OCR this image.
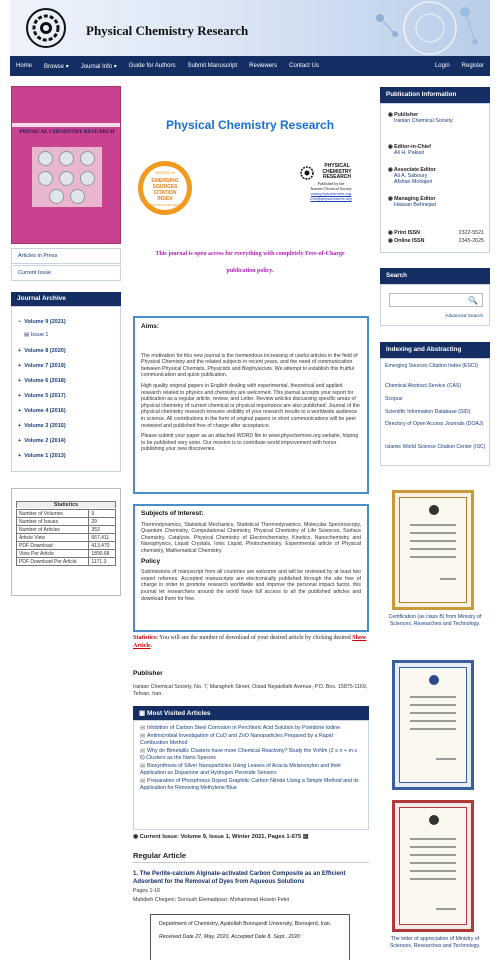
Physical Chemistry Research
Home	Browse ▾	Journal Info ▾	Guide for Authors	Submit Manuscript	Reviewers	Contact Us	Login	Register
PHYSICAL CHEMISTRY RESEARCH
Articles in Press
Current Issue
Journal Archive
− Volume 9 (2021)
▤ Issue 1
+ Volume 8 (2020)
+ Volume 7 (2019)
+ Volume 6 (2018)
+ Volume 5 (2017)
+ Volume 4 (2016)
+ Volume 3 (2015)
+ Volume 2 (2014)
+ Volume 1 (2013)
Statistics
Number of Volumes	9
Number of Issues	29
Number of Articles	353
Article View	667,411
PDF Download	413,470
View Per Article	1890.68
PDF Download Per Article	1171.3
Physical Chemistry Research
INDEXED IN
EMERGING
SOURCES
CITATION
INDEX
THOMSON REUTERS
PHYSICAL
CHEMISTRY
RESEARCH
Published by the
Iranian Chemical Society
www.physchemres.org
info@physchemres.org
This journal is open access for everything with completely Free-of-Charge
publication policy.
Aims:

The motivation for this new journal is the tremendous increasing of useful articles in the field of Physical Chemistry and the related subjects in recent years, and the need of communication between Physical Chemists, Physicists and Biophysicists. We attempt to establish this fruitful communication and quick publication.

High quality original papers in English dealing with experimental, theoretical and applied research related to physics and chemistry are welcomed. This journal accepts your report for publication as a regular article, review, and Letter. Review articles discussing specific areas of physical chemistry of current chemical or physical importance are also published. Journal of the physical chemistry research ensures visibility of your research results to a worldwide audience in science. All contributions in the form of original papers or short communications will be peer reviewed and published free of charge after acceptance.

Please submit your paper as an attached WORD file to www.physchemres.org website, hoping to be published very soon. Our mission is to contribute world improvement with honor publishing your new discoveries.

Subjects of Interest:

Thermodynamics, Statistical Mechanics, Statistical Thermodynamics, Molecular Spectroscopy, Quantum Chemistry, Computational Chemistry, Physical Chemistry of Life Sciences, Surface Chemistry, Catalysis, Physical Chemistry of Electrochemistry, Kinetics, Nanochemistry and Nanophysics, Liquid Crystals, Ionic Liquid, Photochemistry, Experimental article of Physical chemistry, Mathematical Chemistry.

Policy

Submissions of manuscript from all countries are welcome and will be reviewed by at least two expert referees. Accepted manuscripts are electronically published through the site free of charge in order to promote research worldwide and improve the personal impact factor, this journal let researchers around the world have full access to all the published articles and download them for free.

Statistics: You will see the number of download of your desired article by clicking desired Show Article.
Publisher
Iranian Chemical Society, No. 7, Maragheh Street, Ostad Nejatollahi Avenue, P.O. Box. 15875-1169, Tehran, Iran.
▣ Most Visited Articles
▤ Inhibition of Carbon Steel Corrosion in Perchloric Acid Solution by Povidone Iodine
▤ Antimicrobial Investigation of CuO and ZnO Nanoparticles Prepared by a Rapid Combustion Method
▤ Why do Bimetallic Clusters have more Chemical Reactivity? Study the VnNm (2 ≤ n + m ≤ 6) Clusters as the Nano Species
▤ Biosynthesis of Silver Nanoparticles Using Leaves of Acacia Melanoxylon and their Application as Dopamine and Hydrogen Peroxide Sensors
▤ Preparation of Phosphorus Doped Graphitic Carbon Nitride Using a Simple Method and its Application for Removing Methylene Blue
◉ Current Issue: Volume 9, Issue 1, Winter 2021, Pages 1-675 ▤
Regular Article
1. The Perlite-calcium Alginate-activated Carbon Composite as an Efficient Adsorbent for the Removal of Dyes from Aqueous Solutions
Pages 1-16
Mahdieh Chegeni; Soroush Elemadpour; Mohammad Hosein Fekri
Department of Chemistry, Ayatollah Boroujerdi University, Boroujerd, Iran.
Received Date 27, May, 2020, Accepted Date 8, Sept., 2020
Publication Information
◉ Publisher
Iranian Chemical Society
◉ Editor-in-Chief
Ali H. Pakiari
◉ Associate Editor
Ali A. Saboury
Afshan Mohajeri
◉ Managing Editor
Hassan Behnejad
◉ Print ISSN	2322-5521
◉ Online ISSN	2345-2625
Search
🔍
Advanced Search
Indexing and Abstracting
Emerging Sources Citation Index (ESCI)
Chemical Abstract Service (CAS)
Scopus
Scientific Information Database (SID)
Directory of Open Access Journals (DOAJ)
Islamic World Science Citation Center (ISC)
Certification (as class B) from Ministry of Sciences, Researches and Technology.
The letter of appreciation of Ministry of Sciences, Researches and Technology.
